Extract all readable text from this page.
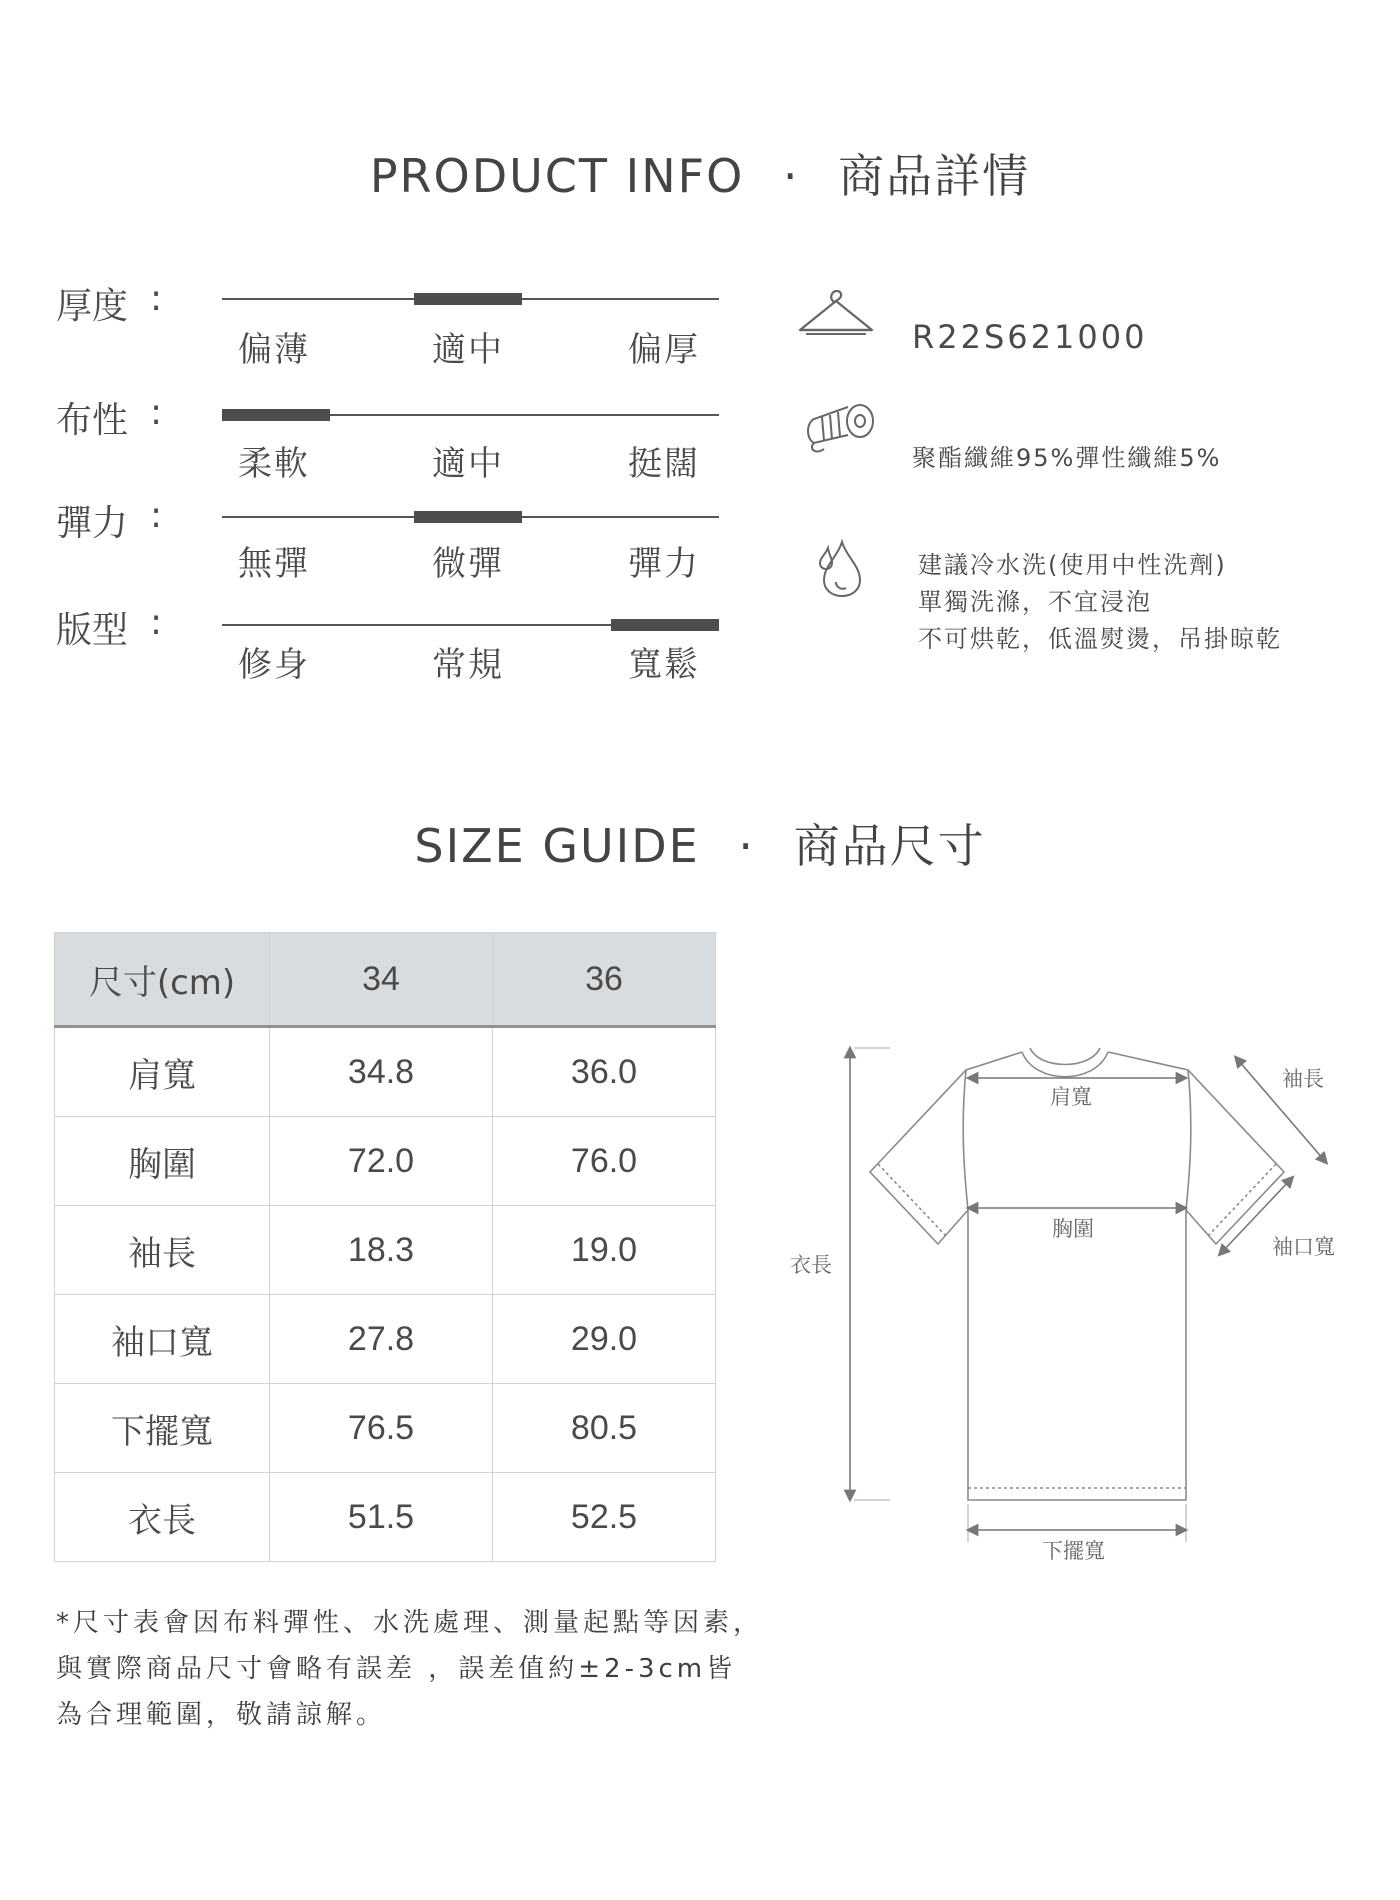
PRODUCT INFO · 商品詳情
厚度 :
偏薄	適中	偏厚
布性 :
柔軟	適中	挺闊
彈力 :
無彈	微彈	彈力
版型 :
修身	常規	寬鬆
R22S621000
聚酯纖維95%彈性纖維5%
建議冷水洗(使用中性洗劑)
單獨洗滌，不宜浸泡
不可烘乾，低溫熨燙，吊掛晾乾
SIZE GUIDE · 商品尺寸
尺寸(cm)	34	36
肩寬	34.8	36.0
胸圍	72.0	76.0
袖長	18.3	19.0
袖口寬	27.8	29.0
下擺寬	76.5	80.5
衣長	51.5	52.5
肩寬
袖長
胸圍
袖口寬
衣長
下擺寬
*尺寸表會因布料彈性、水洗處理、測量起點等因素，
與實際商品尺寸會略有誤差 ，誤差值約±2-3cm皆
為合理範圍，敬請諒解。
